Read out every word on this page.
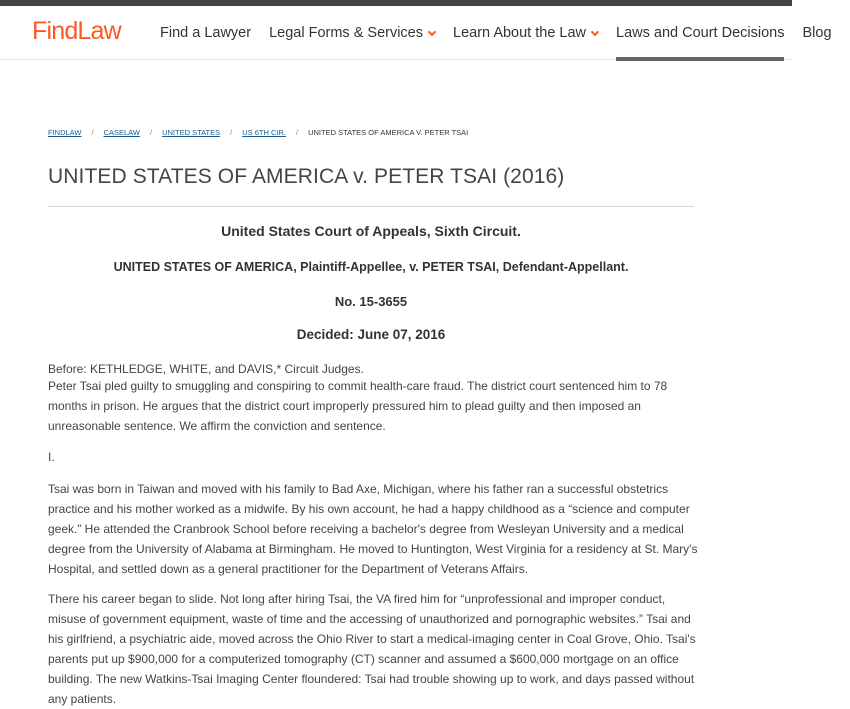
FindLaw	Find a Lawyer Legal Forms & Services Learn About the Law Laws and Court Decisions Blog
FINDLAW / CASELAW / UNITED STATES / US 6TH CIR. / UNITED STATES OF AMERICA V. PETER TSAI
UNITED STATES OF AMERICA v. PETER TSAI (2016)
United States Court of Appeals, Sixth Circuit.
UNITED STATES OF AMERICA, Plaintiff-Appellee, v. PETER TSAI, Defendant-Appellant.
No. 15-3655
Decided: June 07, 2016

Before: KETHLEDGE, WHITE, and DAVIS,* Circuit Judges.

Peter Tsai pled guilty to smuggling and conspiring to commit health-care fraud. The district court sentenced him to 78 months in prison. He argues that the district court improperly pressured him to plead guilty and then imposed an unreasonable sentence. We affirm the conviction and sentence.

I.

Tsai was born in Taiwan and moved with his family to Bad Axe, Michigan, where his father ran a successful obstetrics practice and his mother worked as a midwife. By his own account, he had a happy childhood as a “science and computer geek.” He attended the Cranbrook School before receiving a bachelor's degree from Wesleyan University and a medical degree from the University of Alabama at Birmingham. He moved to Huntington, West Virginia for a residency at St. Mary's Hospital, and settled down as a general practitioner for the Department of Veterans Affairs.

There his career began to slide. Not long after hiring Tsai, the VA fired him for “unprofessional and improper conduct, misuse of government equipment, waste of time and the accessing of unauthorized and pornographic websites.” Tsai and his girlfriend, a psychiatric aide, moved across the Ohio River to start a medical-imaging center in Coal Grove, Ohio. Tsai's parents put up $900,000 for a computerized tomography (CT) scanner and assumed a $600,000 mortgage on an office building. The new Watkins-Tsai Imaging Center floundered: Tsai had trouble showing up to work, and days passed without any patients.
